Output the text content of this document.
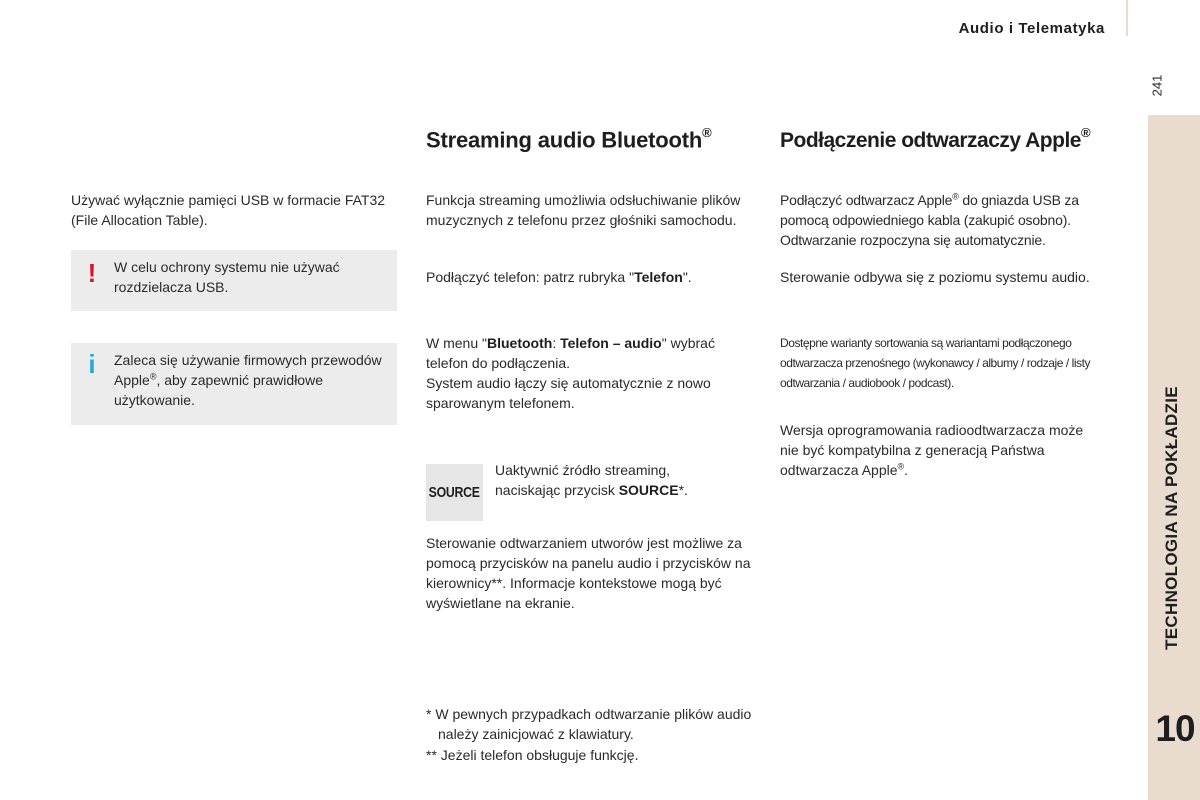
Audio i Telematyka
241
TECHNOLOGIA NA POKŁADZIE
10
Używać wyłącznie pamięci USB w formacie FAT32 (File Allocation Table).
! W celu ochrony systemu nie używać rozdzielacza USB.
i Zaleca się używanie firmowych przewodów Apple®, aby zapewnić prawidłowe użytkowanie.
Streaming audio Bluetooth®
Funkcja streaming umożliwia odsłuchiwanie plików muzycznych z telefonu przez głośniki samochodu.
Podłączyć telefon: patrz rubryka "Telefon".
W menu "Bluetooth: Telefon – audio" wybrać telefon do podłączenia.
System audio łączy się automatycznie z nowo sparowanym telefonem.
SOURCE
Uaktywnić źródło streaming, naciskając przycisk SOURCE*.
Sterowanie odtwarzaniem utworów jest możliwe za pomocą przycisków na panelu audio i przycisków na kierownicy**. Informacje kontekstowe mogą być wyświetlane na ekranie.
* W pewnych przypadkach odtwarzanie plików audio należy zainicjować z klawiatury.
** Jeżeli telefon obsługuje funkcję.
Podłączenie odtwarzaczy Apple®
Podłączyć odtwarzacz Apple® do gniazda USB za pomocą odpowiedniego kabla (zakupić osobno). Odtwarzanie rozpoczyna się automatycznie.
Sterowanie odbywa się z poziomu systemu audio.
Dostępne warianty sortowania są wariantami podłączonego odtwarzacza przenośnego (wykonawcy / albumy / rodzaje / listy odtwarzania / audiobook / podcast).
Wersja oprogramowania radioodtwarzacza może nie być kompatybilna z generacją Państwa odtwarzacza Apple®.
